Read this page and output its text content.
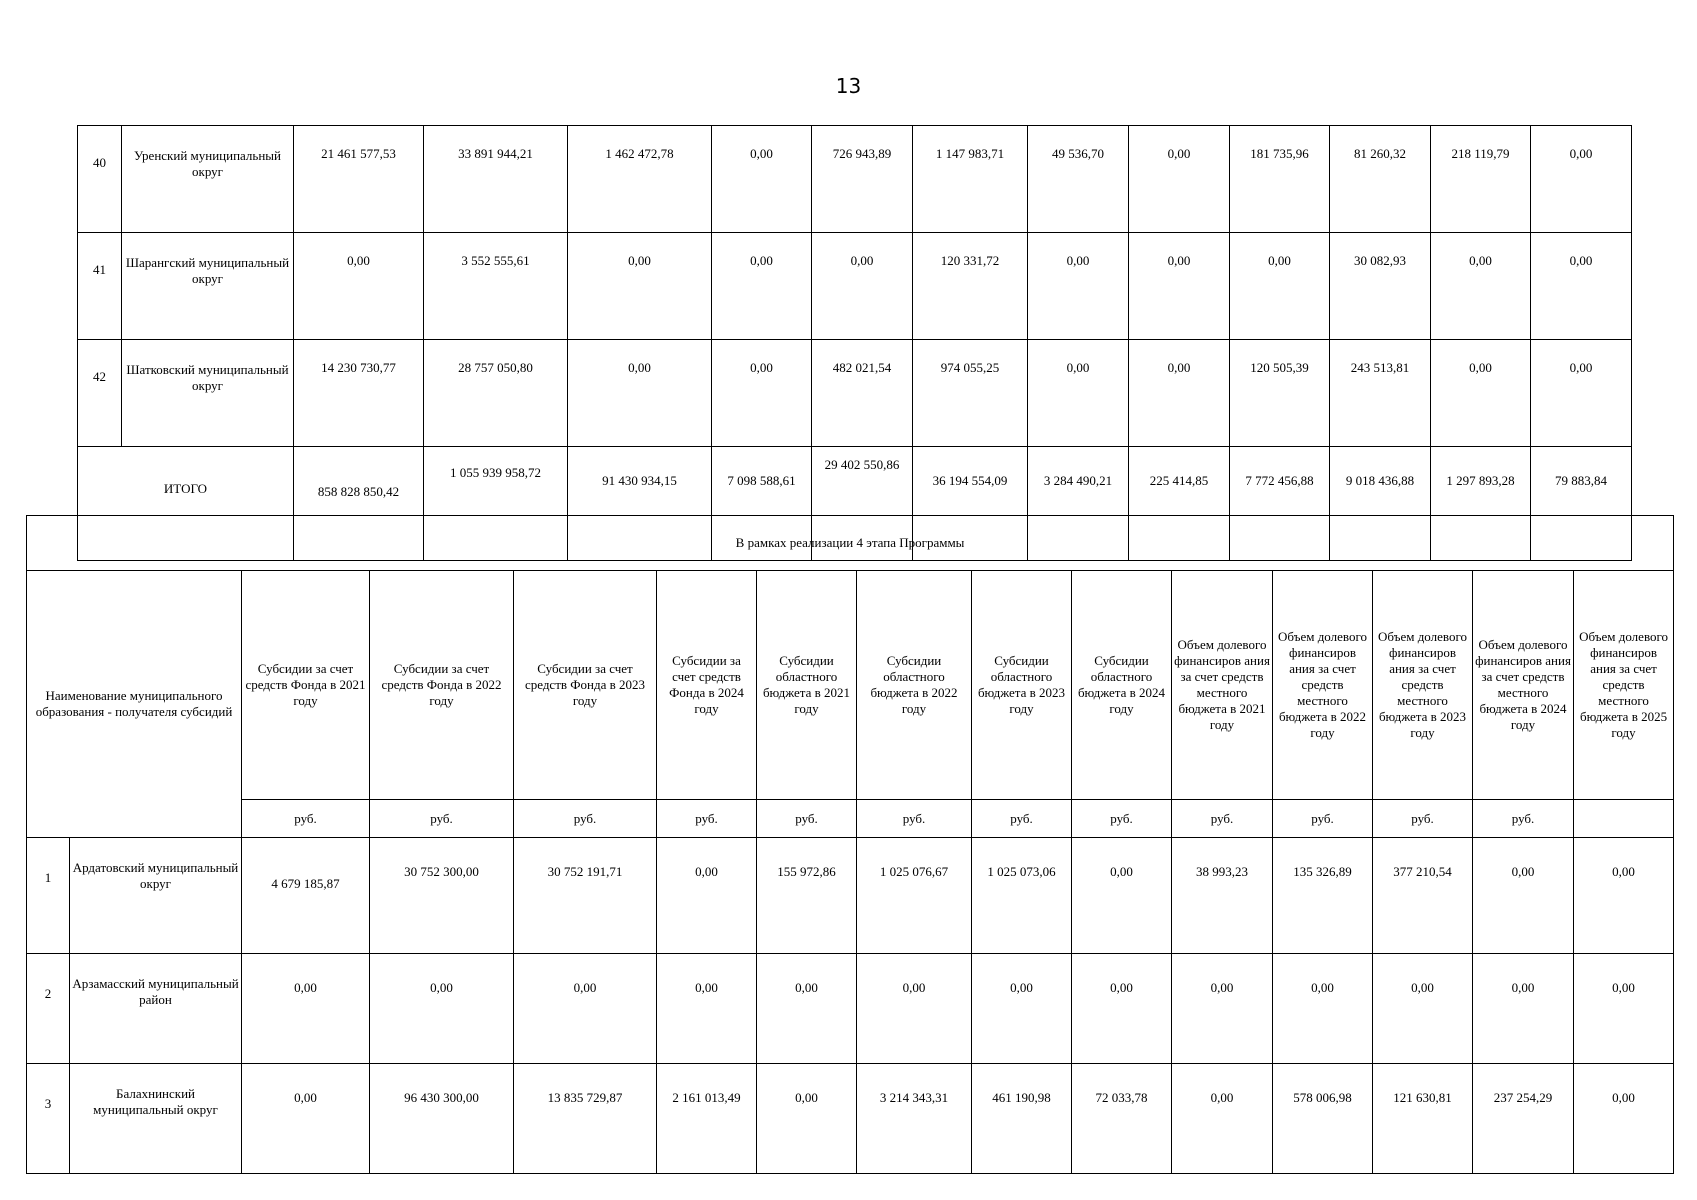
13
40	Уренский муниципальный округ	21 461 577,53	33 891 944,21	1 462 472,78	0,00	726 943,89	1 147 983,71	49 536,70	0,00	181 735,96	81 260,32	218 119,79	0,00
41	Шарангский муниципальный округ	0,00	3 552 555,61	0,00	0,00	0,00	120 331,72	0,00	0,00	0,00	30 082,93	0,00	0,00
42	Шатковский муниципальный округ	14 230 730,77	28 757 050,80	0,00	0,00	482 021,54	974 055,25	0,00	0,00	120 505,39	243 513,81	0,00	0,00
ИТОГО		858 828 850,42	1 055 939 958,72	91 430 934,15	7 098 588,61	29 402 550,86	36 194 554,09	3 284 490,21	225 414,85	7 772 456,88	9 018 436,88	1 297 893,28	79 883,84
В рамках реализации 4 этапа Программы														
Наименование муниципального образования - получателя субсидий		Субсидии за счет средств Фонда в 2021 году	Субсидии за счет средств Фонда в 2022 году	Субсидии за счет средств Фонда в 2023 году	Субсидии за счет средств Фонда в 2024 году	Субсидии областного бюджета в 2021 году	Субсидии областного бюджета в 2022 году	Субсидии областного бюджета в 2023 году	Субсидии областного бюджета в 2024 году	Объем долевого финансиров ания за счет средств местного бюджета в 2021 году	Объем долевого финансиров ания за счет средств местного бюджета в 2022 году	Объем долевого финансиров ания за счет средств местного бюджета в 2023 году	Объем долевого финансиров ания за счет средств местного бюджета в 2024 году	Объем долевого финансиров ания за счет средств местного бюджета в 2025 году
		руб.	руб.	руб.	руб.	руб.	руб.	руб.	руб.	руб.	руб.	руб.	руб.	
1	Ардатовский муниципальный округ	4 679 185,87	30 752 300,00	30 752 191,71	0,00	155 972,86	1 025 076,67	1 025 073,06	0,00	38 993,23	135 326,89	377 210,54	0,00	0,00
2	Арзамасский муниципальный район	0,00	0,00	0,00	0,00	0,00	0,00	0,00	0,00	0,00	0,00	0,00	0,00	0,00
3	Балахнинский муниципальный округ	0,00	96 430 300,00	13 835 729,87	2 161 013,49	0,00	3 214 343,31	461 190,98	72 033,78	0,00	578 006,98	121 630,81	237 254,29	0,00
